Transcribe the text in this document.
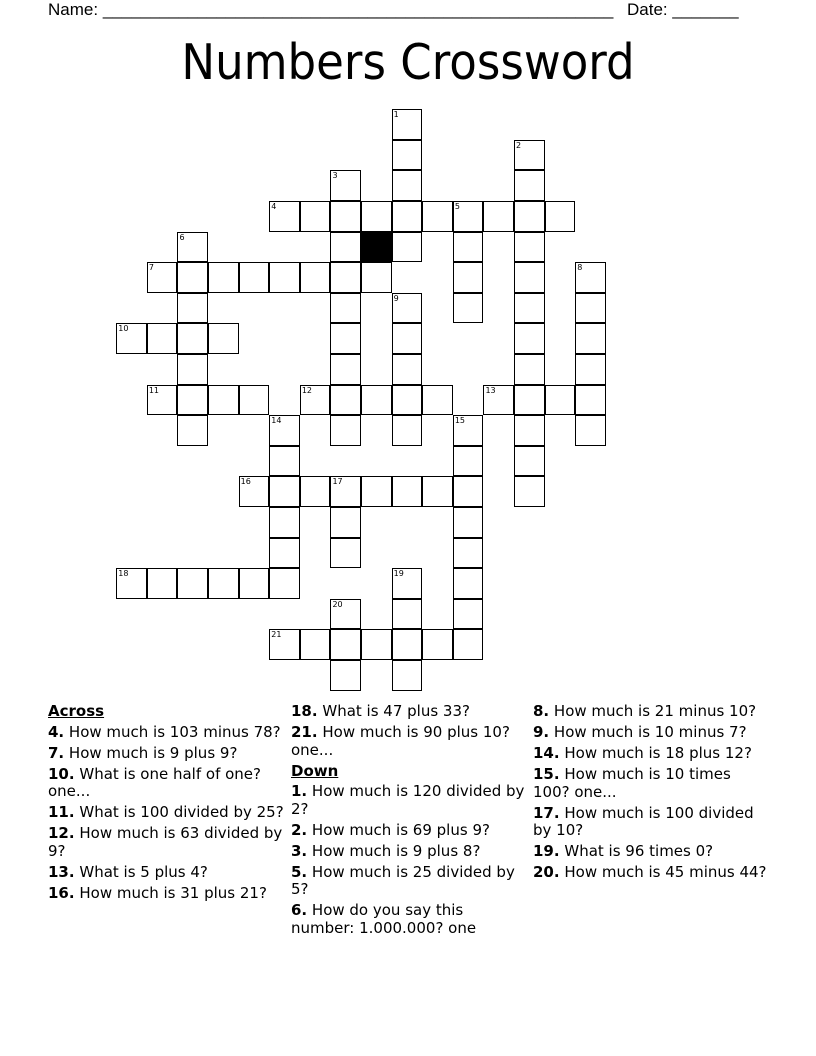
Name: ______________________________________________________ Date: _______
Numbers Crossword
1
2
3
4	5
6
7	8
9
10
11	12	13
14	15
16	17
18	19
20
21
Across
4. How much is 103 minus 78?
7. How much is 9 plus 9?
10. What is one half of one? one...
11. What is 100 divided by 25?
12. How much is 63 divided by 9?
13. What is 5 plus 4?
16. How much is 31 plus 21?
18. What is 47 plus 33?
21. How much is 90 plus 10? one...
Down
1. How much is 120 divided by 2?
2. How much is 69 plus 9?
3. How much is 9 plus 8?
5. How much is 25 divided by 5?
6. How do you say this number: 1.000.000? one
8. How much is 21 minus 10?
9. How much is 10 minus 7?
14. How much is 18 plus 12?
15. How much is 10 times 100? one...
17. How much is 100 divided by 10?
19. What is 96 times 0?
20. How much is 45 minus 44?
